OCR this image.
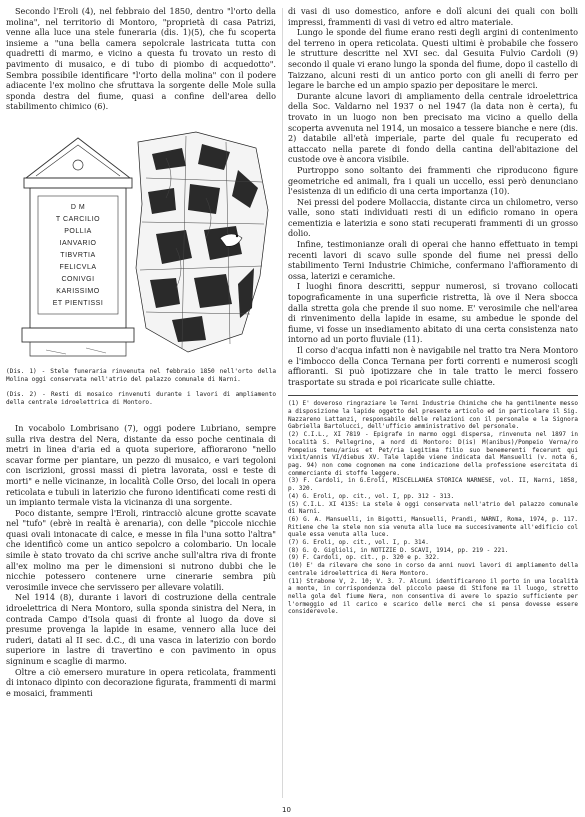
Secondo l'Eroli (4), nel febbraio del 1850, dentro "l'orto della molina", nel territorio di Montoro, "proprietà di casa Patrizi, venne alla luce una stele funeraria (dis. 1)(5), che fu scoperta insieme a "una bella camera sepolcrale lastricata tutta con quadretti di marmo, e vicino a questa fu trovato un resto di pavimento di musaico, e di tubo di piombo di acquedotto". Sembra possibile identificare "l'orto della molina" con il podere adiacente l'ex molino che sfruttava la sorgente delle Mole sulla sponda destra del fiume, quasi a confine dell'area dello stabilimento chimico (6).

D M
T CARCILIO
POLLIA
IANVARIO
TIBVRTIA
FELICVLA
CONIVGI
KARISSIMO
ET PIENTISSI

(Dis. 1) - Stele funeraria rinvenuta nel febbraio 1850 nell'orto della Molina oggi conservata nell'atrio del palazzo comunale di Narni.

(Dis. 2) - Resti di mosaico rinvenuti durante i lavori di ampliamento della centrale idroelettrica di Montoro.

In vocabolo Lombrisano (7), oggi podere Lubriano, sempre sulla riva destra del Nera, distante da esso poche centinaia di metri in linea d'aria ed a quota superiore, affiorarono "nello scavar forme per piantare, un pezzo di musaico, e vari tegoloni con iscrizioni, grossi massi di pietra lavorata, ossi e teste di morti" e nelle vicinanze, in località Colle Orso, dei locali in opera reticolata e tubuli in laterizio che furono identificati come resti di un impianto termale vista la vicinanza di una sorgente.

Poco distante, sempre l'Eroli, rintracciò alcune grotte scavate nel "tufo" (ebrè in realtà è arenaria), con delle "piccole nicchie quasi ovali intonacate di calce, e messe in fila l'una sotto l'altra" che identificò come un antico sepolcro a colombario. Un locale simile è stato trovato da chi scrive anche sull'altra riva di fronte all'ex molino ma per le dimensioni si nutrono dubbi che le nicchie potessero contenere urne cinerarie sembra più verosimile invece che servissero per allevare volatili.

Nel 1914 (8), durante i lavori di costruzione della centrale idroelettrica di Nera Montoro, sulla sponda sinistra del Nera, in contrada Campo d'Isola quasi di fronte al luogo da dove si presume provenga la lapide in esame, vennero alla luce dei ruderi, datati al II sec. d.C., di una vasca in laterizio con bordo superiore in lastre di travertino e con pavimento in opus signinum e scaglie di marmo.

Oltre a ciò emersero murature in opera reticolata, frammenti di intonaco dipinto con decorazione figurata, frammenti di marmi e mosaici, frammenti

di vasi di uso domestico, anfore e dolî alcuni dei quali con bolli impressi, frammenti di vasi di vetro ed altro materiale.

Lungo le sponde del fiume erano resti degli argini di contenimento del terreno in opera reticolata. Questi ultimi è probabile che fossero le strutture descritte nel XVI sec. dal Gesuita Fulvio Cardoli (9) secondo il quale vi erano lungo la sponda del fiume, dopo il castello di Taizzano, alcuni resti di un antico porto con gli anelli di ferro per legare le barche ed un ampio spazio per depositare le merci.

Durante alcune lavori di ampliamento della centrale idroelettrica della Soc. Valdarno nel 1937 o nel 1947 (la data non è certa), fu trovato in un luogo non ben precisato ma vicino a quello della scoperta avvenuta nel 1914, un mosaico a tessere bianche e nere (dis. 2) databile all'età imperiale, parte del quale fu recuperato ed attaccato nella parete di fondo della cantina dell'abitazione del custode ove è ancora visibile.

Purtroppo sono soltanto dei frammenti che riproducono figure geometriche ed animali, fra i quali un uccello, essi però denunciano l'esistenza di un edificio di una certa importanza (10).

Nei pressi del podere Mollaccia, distante circa un chilometro, verso valle, sono stati individuati resti di un edificio romano in opera cementizia e laterizia e sono stati recuperati frammenti di un grosso dolio.

Infine, testimonianze orali di operai che hanno effettuato in tempi recenti lavori di scavo sulle sponde del fiume nei pressi dello stabilimento Terni Industrie Chimiche, confermano l'affioramento di ossa, laterizi e ceramiche.

I luoghi finora descritti, seppur numerosi, si trovano collocati topograficamente in una superficie ristretta, là ove il Nera sbocca dalla stretta gola che prende il suo nome. E' verosimile che nell'area di rinvenimento della lapide in esame, su ambedue le sponde del fiume, vi fosse un insediamento abitato di una certa consistenza nato intorno ad un porto fluviale (11).

Il corso d'acqua infatti non è navigabile nel tratto tra Nera Montoro e l'imbocco della Conca Ternana per forti correnti e numerosi scogli affioranti. Si può ipotizzare che in tale tratto le merci fossero trasportate su strada e poi ricaricate sulle chiatte.

(1) E' doveroso ringraziare le Terni Industrie Chimiche che ha gentilmente messo a disposizione la lapide oggetto del presente articolo ed in particolare il Sig. Nazzareno Lattanzi, responsabile delle relazioni con il personale e la Signora Gabriella Bartolucci, dell'ufficio amministrativo del personale.

(2) C.I.L., XI 7819 - Epigrafe in marmo oggi dispersa, rinvenuta nel 1897 in località S. Pellegrino, a nord di Montoro: D(is) M(anibus)/Pompeio Verna/ro Pompeius tenu/arius et Pet/ria Legitima filio suo benemerenti fecerunt qui vixit/annis VI/diebus XV. Tale lapide viene indicata dal Mansuelli (v. nota 6, pag. 94) non come cognomen ma come indicazione della professione esercitata di commerciante di stoffe leggere.

(3) F. Cardoli, in G.Eroli, MISCELLANEA STORICA NARNESE, vol. II, Narni, 1858, p. 320.

(4) G. Eroli, op. cit., vol. I, pp. 312 - 313.

(5) C.I.L. XI 4135: La stele è oggi conservata nell'atrio del palazzo comunale di Narni.

(6) G. A. Mansuelli, in Bigotti, Mansuelli, Prandi, NARNI, Roma, 1974, p. 117. Ritiene che la stele non sia venuta alla luce ma succesivamente all'edificio col quale essa venuta alla luce.

(7) G. Eroli, op. cit., vol. I, p. 314.

(8) G. Q. Giglioli, in NOTIZIE D. SCAVI, 1914, pp. 219 - 221.

(9) F. Cardoli, op. cit., p. 320 e p. 322.

(10) E' da rilevare che sono in corso da anni nuovi lavori di ampliamento della centrale idroelettrica di Nera Montoro.

(11) Strabone V, 2. 10; V. 3. 7. Alcuni identificarono il porto in una località a monte, in corrispondenza del piccolo paese di Stifone ma il luogo, stretto nella gola del fiume Nera, non consentiva di avere lo spazio sufficiente per l'ormeggio ed il carico e scarico delle merci che si pensa dovesse essere considerevole.

10
